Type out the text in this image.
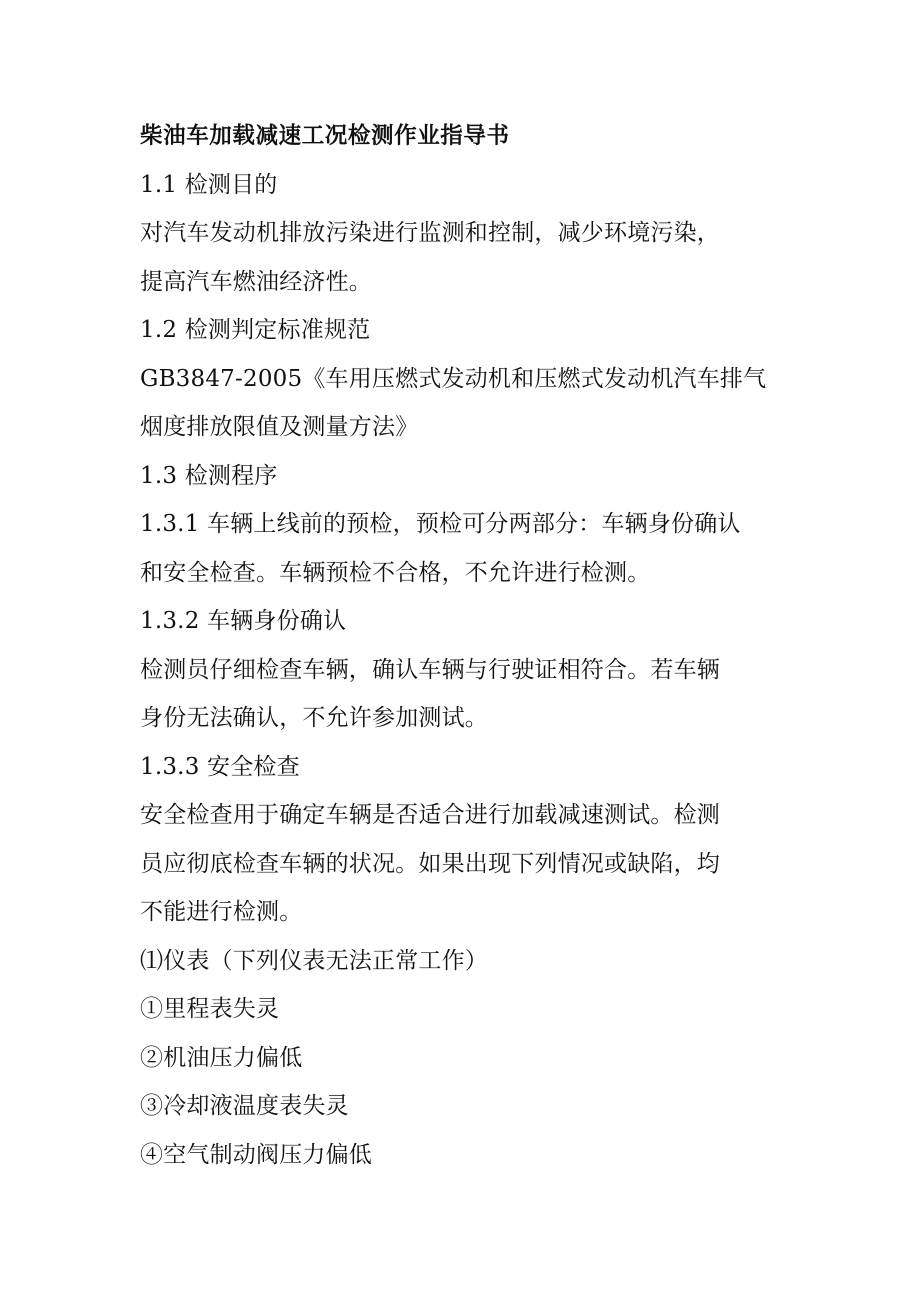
柴油车加载减速工况检测作业指导书
1.1 检测目的
对汽车发动机排放污染进行监测和控制，减少环境污染，
提高汽车燃油经济性。
1.2 检测判定标准规范
GB3847-2005《车用压燃式发动机和压燃式发动机汽车排气
烟度排放限值及测量方法》
1.3 检测程序
1.3.1 车辆上线前的预检，预检可分两部分：车辆身份确认
和安全检查。车辆预检不合格，不允许进行检测。
1.3.2 车辆身份确认
检测员仔细检查车辆，确认车辆与行驶证相符合。若车辆
身份无法确认，不允许参加测试。
1.3.3 安全检查
安全检查用于确定车辆是否适合进行加载减速测试。检测
员应彻底检查车辆的状况。如果出现下列情况或缺陷，均
不能进行检测。
⑴仪表（下列仪表无法正常工作）
①里程表失灵
②机油压力偏低
③冷却液温度表失灵
④空气制动阀压力偏低
